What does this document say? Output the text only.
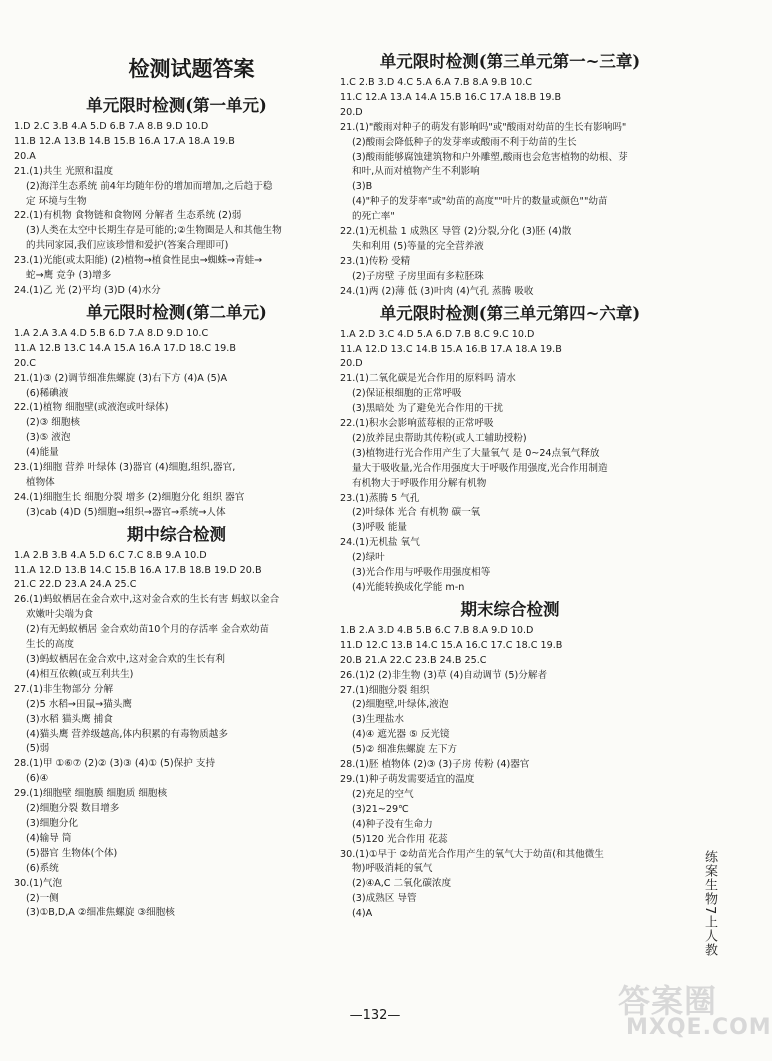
检测试题答案
单元限时检测(第一单元)
1.D 2.C 3.B 4.A 5.D 6.B 7.A 8.B 9.D 10.D
11.B 12.A 13.B 14.B 15.B 16.A 17.A 18.A 19.B
20.A
21.(1)共生 光照和温度
(2)海洋生态系统 前4年均随年份的增加而增加,之后趋于稳
定 环境与生物
22.(1)有机物 食物链和食物网 分解者 生态系统 (2)弱
(3)人类在太空中长期生存是可能的;②生物圈是人和其他生物
的共同家园,我们应该珍惜和爱护(答案合理即可)
23.(1)光能(或太阳能) (2)植物→植食性昆虫→蜘蛛→青蛙→
蛇→鹰 竞争 (3)增多
24.(1)乙 光 (2)平均 (3)D (4)水分
单元限时检测(第二单元)
1.A 2.A 3.A 4.D 5.B 6.D 7.A 8.D 9.D 10.C
11.A 12.B 13.C 14.A 15.A 16.A 17.D 18.C 19.B
20.C
21.(1)③ (2)调节细准焦螺旋 (3)右下方 (4)A (5)A
(6)稀碘液
22.(1)植物 细胞壁(或液泡或叶绿体)
(2)③ 细胞核
(3)⑤ 液泡
(4)能量
23.(1)细胞 营养 叶绿体 (3)器官 (4)细胞,组织,器官,
植物体
24.(1)细胞生长 细胞分裂 增多 (2)细胞分化 组织 器官
(3)cab (4)D (5)细胞→组织→器官→系统→人体
期中综合检测
1.A 2.B 3.B 4.A 5.D 6.C 7.C 8.B 9.A 10.D
11.A 12.D 13.B 14.C 15.B 16.A 17.B 18.B 19.D 20.B
21.C 22.D 23.A 24.A 25.C
26.(1)蚂蚁栖居在金合欢中,这对金合欢的生长有害 蚂蚁以金合
欢嫩叶尖端为食
(2)有无蚂蚁栖居 金合欢幼苗10个月的存活率 金合欢幼苗
生长的高度
(3)蚂蚁栖居在金合欢中,这对金合欢的生长有利
(4)相互依赖(或互利共生)
27.(1)非生物部分 分解
(2)5 水稻→田鼠→猫头鹰
(3)水稻 猫头鹰 捕食
(4)猫头鹰 营养级越高,体内积累的有毒物质越多
(5)弱
28.(1)甲 ①⑥⑦ (2)② (3)③ (4)① (5)保护 支持
(6)④
29.(1)细胞壁 细胞膜 细胞质 细胞核
(2)细胞分裂 数目增多
(3)细胞分化
(4)输导 筒
(5)器官 生物体(个体)
(6)系统
30.(1)气泡
(2)一侧
(3)①B,D,A ②细准焦螺旋 ③细胞核
单元限时检测(第三单元第一~三章)
1.C 2.B 3.D 4.C 5.A 6.A 7.B 8.A 9.B 10.C
11.C 12.A 13.A 14.A 15.B 16.C 17.A 18.B 19.B
20.D
21.(1)"酸雨对种子的萌发有影响吗"或"酸雨对幼苗的生长有影响吗"
(2)酸雨会降低种子的发芽率或酸雨不利于幼苗的生长
(3)酸雨能够腐蚀建筑物和户外雕塑,酸雨也会危害植物的幼根、芽
和叶,从而对植物产生不利影响
(3)B
(4)"种子的发芽率"或"幼苗的高度""叶片的数量或颜色""幼苗
的死亡率"
22.(1)无机盐 1 成熟区 导管 (2)分裂,分化 (3)胚 (4)散
失和利用 (5)等量的完全营养液
23.(1)传粉 受精
(2)子房壁 子房里面有多粒胚珠
24.(1)两 (2)薄 低 (3)叶肉 (4)气孔 蒸腾 吸收
单元限时检测(第三单元第四~六章)
1.A 2.D 3.C 4.D 5.A 6.D 7.B 8.C 9.C 10.D
11.A 12.D 13.C 14.B 15.A 16.B 17.A 18.A 19.B
20.D
21.(1)二氧化碳是光合作用的原料吗 清水
(2)保证根细胞的正常呼吸
(3)黑暗处 为了避免光合作用的干扰
22.(1)积水会影响蓝莓根的正常呼吸
(2)放养昆虫帮助其传粉(或人工辅助授粉)
(3)植物进行光合作用产生了大量氧气 是 0~24点氧气释放
量大于吸收量,光合作用强度大于呼吸作用强度,光合作用制造
有机物大于呼吸作用分解有机物
23.(1)蒸腾 5 气孔
(2)叶绿体 光合 有机物 碳一氧
(3)呼吸 能量
24.(1)无机盐 氧气
(2)绿叶
(3)光合作用与呼吸作用强度相等
(4)光能转换成化学能 m-n
期末综合检测
1.B 2.A 3.D 4.B 5.B 6.C 7.B 8.A 9.D 10.D
11.D 12.C 13.B 14.C 15.A 16.C 17.C 18.C 19.B
20.B 21.A 22.C 23.B 24.B 25.C
26.(1)2 (2)非生物 (3)草 (4)自动调节 (5)分解者
27.(1)细胞分裂 组织
(2)细胞壁,叶绿体,液泡
(3)生理盐水
(4)④ 遮光器 ⑤ 反光镜
(5)② 细准焦螺旋 左下方
28.(1)胚 植物体 (2)③ (3)子房 传粉 (4)器官
29.(1)种子萌发需要适宜的温度
(2)充足的空气
(3)21~29℃
(4)种子没有生命力
(5)120 光合作用 花蕊
30.(1)①早于 ②幼苗光合作用产生的氧气大于幼苗(和其他微生
物)呼吸消耗的氧气
(2)④A,C 二氧化碳浓度
(3)成熟区 导管
(4)A	练案生物7上人教
—132—	答案圈
MXQE.COM
